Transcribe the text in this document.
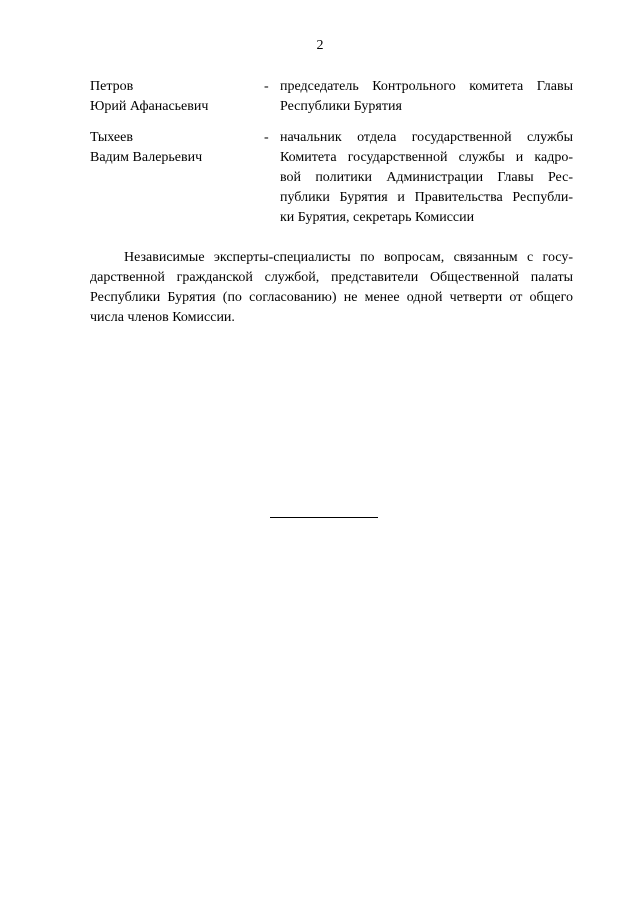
2
Петров
Юрий Афанасьевич
- председатель Контрольного комитета Главы
Республики Бурятия
Тыхеев
Вадим Валерьевич
- начальник отдела государственной службы
Комитета государственной службы и кадро-
вой политики Администрации Главы Рес-
публики Бурятия и Правительства Республи-
ки Бурятия, секретарь Комиссии
Независимые эксперты-специалисты по вопросам, связанным с госу-
дарственной гражданской службой, представители Общественной палаты
Республики Бурятия (по согласованию) не менее одной четверти от общего
числа членов Комиссии.
